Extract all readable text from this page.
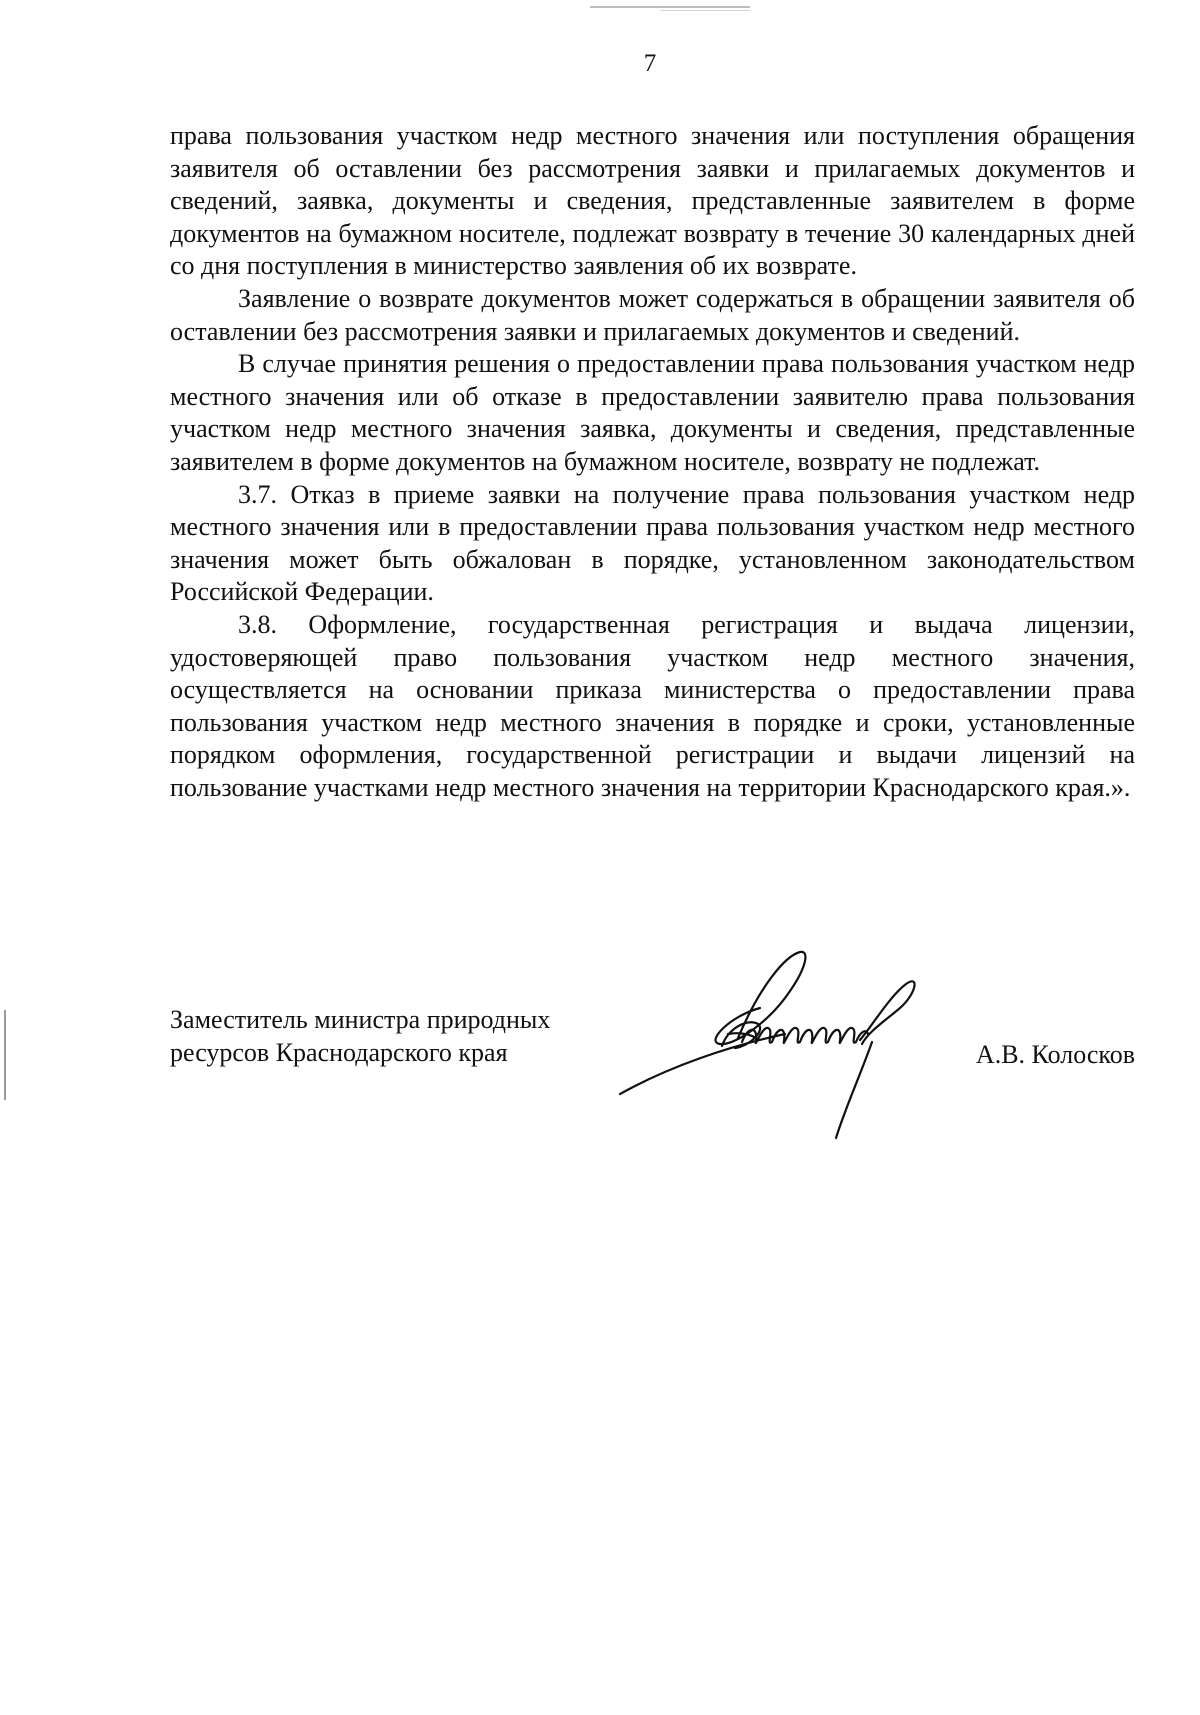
7

права пользования участком недр местного значения или поступления обращения заявителя об оставлении без рассмотрения заявки и прилагаемых документов и сведений, заявка, документы и сведения, представленные заявителем в форме документов на бумажном носителе, подлежат возврату в течение 30 календарных дней со дня поступления в министерство заявления об их возврате.

Заявление о возврате документов может содержаться в обращении заявителя об оставлении без рассмотрения заявки и прилагаемых документов и сведений.

В случае принятия решения о предоставлении права пользования участком недр местного значения или об отказе в предоставлении заявителю права пользования участком недр местного значения заявка, документы и сведения, представленные заявителем в форме документов на бумажном носителе, возврату не подлежат.

3.7. Отказ в приеме заявки на получение права пользования участком недр местного значения или в предоставлении права пользования участком недр местного значения может быть обжалован в порядке, установленном законодательством Российской Федерации.

3.8. Оформление, государственная регистрация и выдача лицензии, удостоверяющей право пользования участком недр местного значения, осуществляется на основании приказа министерства о предоставлении права пользования участком недр местного значения в порядке и сроки, установленные порядком оформления, государственной регистрации и выдачи лицензий на пользование участками недр местного значения на территории Краснодарского края.».

Заместитель министра природных
ресурсов Краснодарского края	А.В. Колосков
